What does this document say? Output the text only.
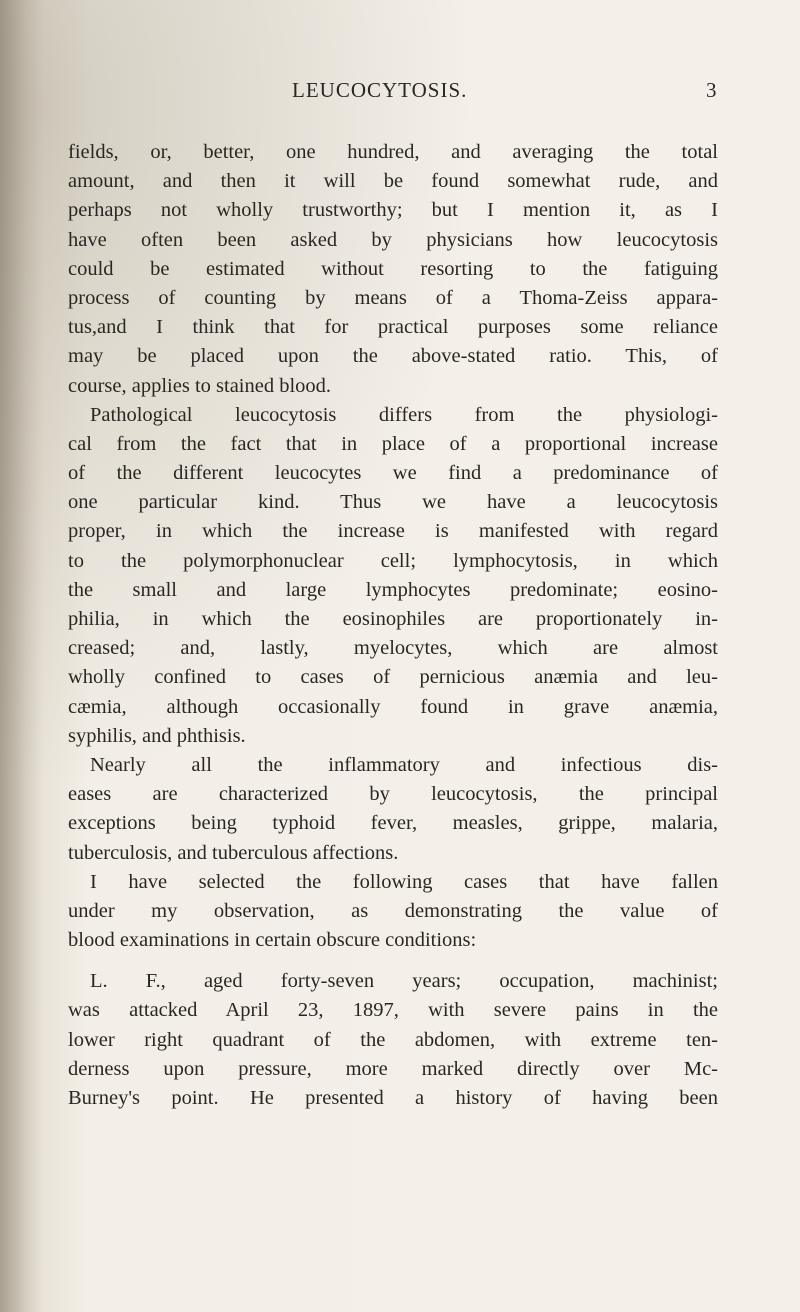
LEUCOCYTOSIS.	3
fields, or, better, one hundred, and averaging the total
amount, and then it will be found somewhat rude, and
perhaps not wholly trustworthy; but I mention it, as I
have often been asked by physicians how leucocytosis
could be estimated without resorting to the fatiguing
process of counting by means of a Thoma-Zeiss appara-
tus,and I think that for practical purposes some reliance
may be placed upon the above-stated ratio. This, of
course, applies to stained blood.
Pathological leucocytosis differs from the physiologi-
cal from the fact that in place of a proportional increase
of the different leucocytes we find a predominance of
one particular kind. Thus we have a leucocytosis
proper, in which the increase is manifested with regard
to the polymorphonuclear cell; lymphocytosis, in which
the small and large lymphocytes predominate; eosino-
philia, in which the eosinophiles are proportionately in-
creased; and, lastly, myelocytes, which are almost
wholly confined to cases of pernicious anæmia and leu-
cæmia, although occasionally found in grave anæmia,
syphilis, and phthisis.
Nearly all the inflammatory and infectious dis-
eases are characterized by leucocytosis, the principal
exceptions being typhoid fever, measles, grippe, malaria,
tuberculosis, and tuberculous affections.
I have selected the following cases that have fallen
under my observation, as demonstrating the value of
blood examinations in certain obscure conditions:
L. F., aged forty-seven years; occupation, machinist;
was attacked April 23, 1897, with severe pains in the
lower right quadrant of the abdomen, with extreme ten-
derness upon pressure, more marked directly over Mc-
Burney's point. He presented a history of having been
